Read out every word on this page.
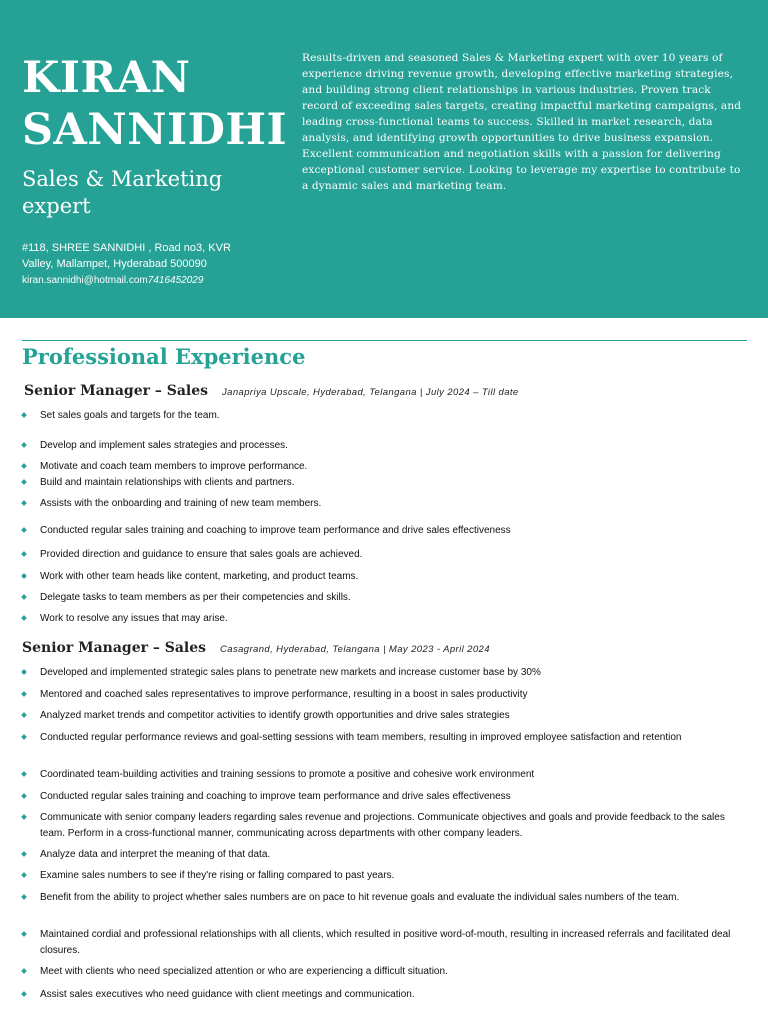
KIRAN
SANNIDHI
Sales & Marketing
expert
#118, SHREE SANNIDHI , Road no3, KVR
Valley, Mallampet, Hyderabad 500090
kiran.sannidhi@hotmail.com7416452029
Results-driven and seasoned Sales & Marketing expert with over 10 years of experience driving revenue growth, developing effective marketing strategies, and building strong client relationships in various industries. Proven track record of exceeding sales targets, creating impactful marketing campaigns, and leading cross-functional teams to success. Skilled in market research, data analysis, and identifying growth opportunities to drive business expansion. Excellent communication and negotiation skills with a passion for delivering exceptional customer service. Looking to leverage my expertise to contribute to a dynamic sales and marketing team.
Professional Experience
Senior Manager – Sales Janapriya Upscale, Hyderabad, Telangana | July 2024 – Till date
Set sales goals and targets for the team.
Develop and implement sales strategies and processes.
Motivate and coach team members to improve performance.
Build and maintain relationships with clients and partners.
Assists with the onboarding and training of new team members.
Conducted regular sales training and coaching to improve team performance and drive sales effectiveness
Provided direction and guidance to ensure that sales goals are achieved.
Work with other team heads like content, marketing, and product teams.
Delegate tasks to team members as per their competencies and skills.
Work to resolve any issues that may arise.
Senior Manager – Sales Casagrand, Hyderabad, Telangana | May 2023 - April 2024
Developed and implemented strategic sales plans to penetrate new markets and increase customer base by 30%
Mentored and coached sales representatives to improve performance, resulting in a boost in sales productivity
Analyzed market trends and competitor activities to identify growth opportunities and drive sales strategies
Conducted regular performance reviews and goal-setting sessions with team members, resulting in improved employee satisfaction and retention
Coordinated team-building activities and training sessions to promote a positive and cohesive work environment
Conducted regular sales training and coaching to improve team performance and drive sales effectiveness
Communicate with senior company leaders regarding sales revenue and projections. Communicate objectives and goals and provide feedback to the sales team. Perform in a cross-functional manner, communicating across departments with other company leaders.
Analyze data and interpret the meaning of that data.
Examine sales numbers to see if they're rising or falling compared to past years.
Benefit from the ability to project whether sales numbers are on pace to hit revenue goals and evaluate the individual sales numbers of the team.
Maintained cordial and professional relationships with all clients, which resulted in positive word-of-mouth, resulting in increased referrals and facilitated deal closures.
Meet with clients who need specialized attention or who are experiencing a difficult situation.
Assist sales executives who need guidance with client meetings and communication.
